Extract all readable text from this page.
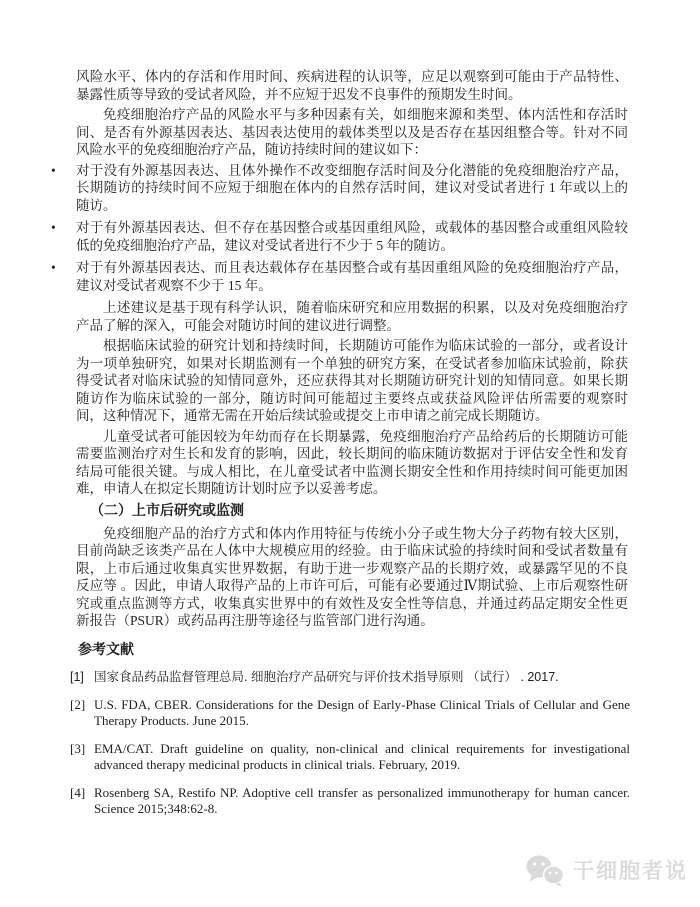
风险水平、体内的存活和作用时间、疾病进程的认识等，应足以观察到可能由于产品特性、暴露性质等导致的受试者风险，并不应短于迟发不良事件的预期发生时间。
免疫细胞治疗产品的风险水平与多种因素有关，如细胞来源和类型、体内活性和存活时间、是否有外源基因表达、基因表达使用的载体类型以及是否存在基因组整合等。针对不同风险水平的免疫细胞治疗产品，随访持续时间的建议如下：
•	对于没有外源基因表达、且体外操作不改变细胞存活时间及分化潜能的免疫细胞治疗产品，长期随访的持续时间不应短于细胞在体内的自然存活时间，建议对受试者进行 1 年或以上的随访。
•	对于有外源基因表达、但不存在基因整合或基因重组风险，或载体的基因整合或重组风险较低的免疫细胞治疗产品，建议对受试者进行不少于 5 年的随访。
•	对于有外源基因表达、而且表达载体存在基因整合或有基因重组风险的免疫细胞治疗产品，建议对受试者观察不少于 15 年。
上述建议是基于现有科学认识，随着临床研究和应用数据的积累，以及对免疫细胞治疗产品了解的深入，可能会对随访时间的建议进行调整。
根据临床试验的研究计划和持续时间，长期随访可能作为临床试验的一部分，或者设计为一项单独研究，如果对长期监测有一个单独的研究方案，在受试者参加临床试验前，除获得受试者对临床试验的知情同意外，还应获得其对长期随访研究计划的知情同意。如果长期随访作为临床试验的一部分，随访时间可能超过主要终点或获益风险评估所需要的观察时间，这种情况下，通常无需在开始后续试验或提交上市申请之前完成长期随访。
儿童受试者可能因较为年幼而存在长期暴露，免疫细胞治疗产品给药后的长期随访可能需要监测治疗对生长和发育的影响，因此，较长期间的临床随访数据对于评估安全性和发育结局可能很关键。与成人相比，在儿童受试者中监测长期安全性和作用持续时间可能更加困难，申请人在拟定长期随访计划时应予以妥善考虑。
（二）上市后研究或监测
免疫细胞产品的治疗方式和体内作用特征与传统小分子或生物大分子药物有较大区别，目前尚缺乏该类产品在人体中大规模应用的经验。由于临床试验的持续时间和受试者数量有限，上市后通过收集真实世界数据，有助于进一步观察产品的长期疗效，或暴露罕见的不良反应等 。因此，申请人取得产品的上市许可后，可能有必要通过Ⅳ期试验、上市后观察性研究或重点监测等方式，收集真实世界中的有效性及安全性等信息，并通过药品定期安全性更新报告（PSUR）或药品再注册等途径与监管部门进行沟通。
参考文献
[1] 国家食品药品监督管理总局. 细胞治疗产品研究与评价技术指导原则 （试行） . 2017.
[2] U.S. FDA, CBER. Considerations for the Design of Early-Phase Clinical Trials of Cellular and Gene Therapy Products. June 2015.
[3] EMA/CAT. Draft guideline on quality, non-clinical and clinical requirements for investigational advanced therapy medicinal products in clinical trials. February, 2019.
[4] Rosenberg SA, Restifo NP. Adoptive cell transfer as personalized immunotherapy for human cancer. Science 2015;348:62-8.
干细胞者说
